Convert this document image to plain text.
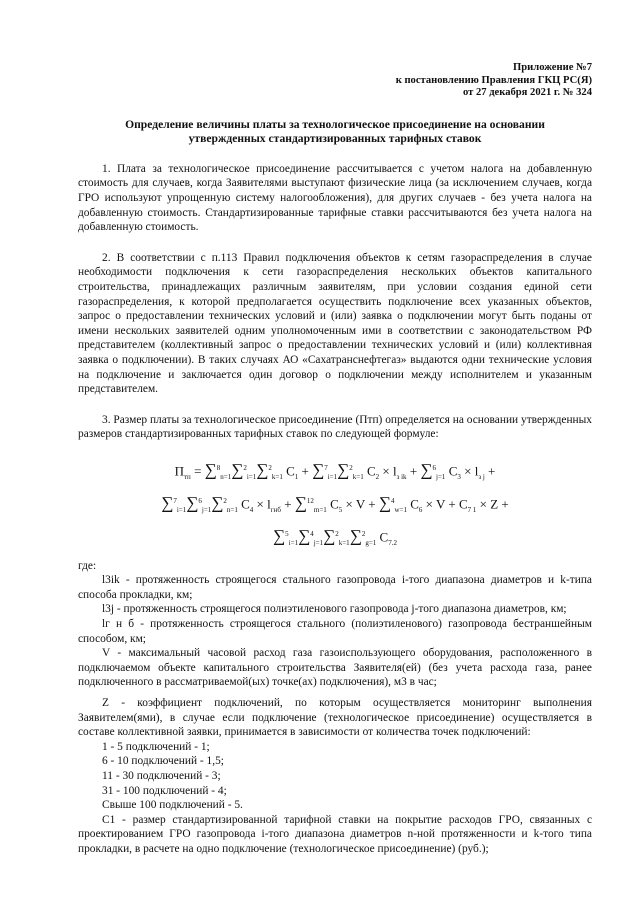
Приложение №7
к постановлению Правления ГКЦ РС(Я)
от 27 декабря 2021 г. № 324
Определение величины платы за технологическое присоединение на основании
утвержденных стандартизированных тарифных ставок

1. Плата за технологическое присоединение рассчитывается с учетом налога на добавленную стоимость для случаев, когда Заявителями выступают физические лица (за исключением случаев, когда ГРО используют упрощенную систему налогообложения), для других случаев - без учета налога на добавленную стоимость. Стандартизированные тарифные ставки рассчитываются без учета налога на добавленную стоимость.

2. В соответствии с п.113 Правил подключения объектов к сетям газораспределения в случае необходимости подключения к сети газораспределения нескольких объектов капитального строительства, принадлежащих различным заявителям, при условии создания единой сети газораспределения, к которой предполагается осуществить подключение всех указанных объектов, запрос о предоставлении технических условий и (или) заявка о подключении могут быть поданы от имени нескольких заявителей одним уполномоченным ими в соответствии с законодательством РФ представителем (коллективный запрос о предоставлении технических условий и (или) коллективная заявка о подключении). В таких случаях АО «Сахатранснефтегаз» выдаются одни технические условия на подключение и заключается один договор о подключении между исполнителем и указанным представителем.

3. Размер платы за технологическое присоединение (Птп) определяется на основании утвержденных размеров стандартизированных тарифных ставок по следующей формуле:

$П_{тп} = \sum^8_{n=1}\sum^2_{i=1}\sum^2_{k=1}$ $C_1 + \sum^7_{i=1}\sum^2_{k=1}$ $C_2 \times l_{з ik} + \sum^6_{j=1}$ $C_3 \times l_{з j}$ +
∑$^7_{i=1}$∑$^6_{j=1}$∑$^2_{n=1}$ $C_4 \times l_{гнб} + \sum^{12}_{m=1}$ $C_5 \times V + \sum^4_{w=1}$ $C_6 \times V + C_{7 1} \times Z$ +
∑$^5_{i=1}$∑$^4_{j=1}$∑$^2_{k=1}$∑$^2_{g=1}$ $C_{7.2}$
где:

l3ik - протяженность строящегося стального газопровода i-того диапазона диаметров и k-типа способа прокладки, км;

l3j - протяженность строящегося полиэтиленового газопровода j-того диапазона диаметров, км;

lг н б - протяженность строящегося стального (полиэтиленового) газопровода бестраншейным способом, км;

V - максимальный часовой расход газа газоиспользующего оборудования, расположенного в подключаемом объекте капитального строительства Заявителя(ей) (без учета расхода газа, ранее подключенного в рассматриваемой(ых) точке(ах) подключения), м3 в час;

Z - коэффициент подключений, по которым осуществляется мониторинг выполнения Заявителем(ями), в случае если подключение (технологическое присоединение) осуществляется в составе коллективной заявки, принимается в зависимости от количества точек подключений:

1 - 5 подключений - 1;
6 - 10 подключений - 1,5;
11 - 30 подключений - 3;
31 - 100 подключений - 4;
Свыше 100 подключений - 5.

C1 - размер стандартизированной тарифной ставки на покрытие расходов ГРО, связанных с проектированием ГРО газопровода i-того диапазона диаметров n-ной протяженности и k-того типа прокладки, в расчете на одно подключение (технологическое присоединение) (руб.);
